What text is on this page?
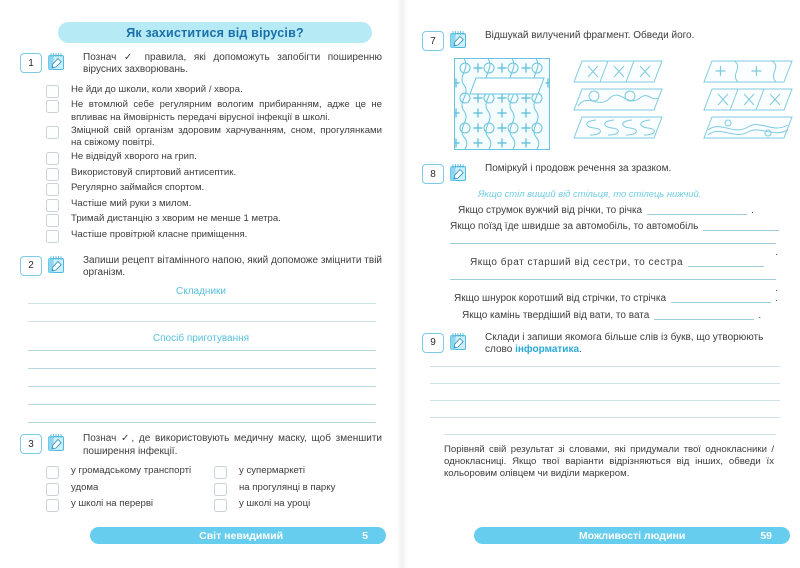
Як захиститися від вірусів?
1	Познач ✓ правила, які допоможуть запобігти поширенню вірусних захворювань.
Не йди до школи, коли хворий / хвора.
Не втомлюй себе регулярним вологим прибиранням, адже це не впливає на ймовірність передачі вірусної інфекції в школі.
Зміцнюй свій організм здоровим харчуванням, сном, прогулянками на свіжому повітрі.
Не відвідуй хворого на грип.
Використовуй спиртовий антисептик.
Регулярно займайся спортом.
Частіше мий руки з милом.
Тримай дистанцію з хворим не менше 1 метра.
Частіше провітрюй класне приміщення.
2	Запиши рецепт вітамінного напою, який допоможе зміцнити твій організм.
Складники
Спосіб приготування
3	Познач ✓, де використовують медичну маску, щоб зменшити поширення інфекції.
у громадському транспорті
удома
у школі на перерві
у супермаркеті
на прогулянці в парку
у школі на уроці
Світ невидимий	5
7	Відшукай вилучений фрагмент. Обведи його.
8	Поміркуй і продовж речення за зразком.
Якщо стіл вищий від стільця, то стілець нижчий.
Якщо струмок вужчий від річки, то річка	.
Якщо поїзд їде швидше за автомобіль, то автомобіль
.
Якщо брат старший від сестри, то сестра
.
Якщо шнурок коротший від стрічки, то стрічка	.
Якщо камінь твердіший від вати, то вата	.
9	Склади і запиши якомога більше слів із букв, що утворюють слово інформатика.
Порівняй свій результат зі словами, які придумали твої однокласники / однокласниці. Якщо твої варіанти відрізняються від інших, обведи їх кольоровим олівцем чи виділи маркером.
Можливості людини	59
